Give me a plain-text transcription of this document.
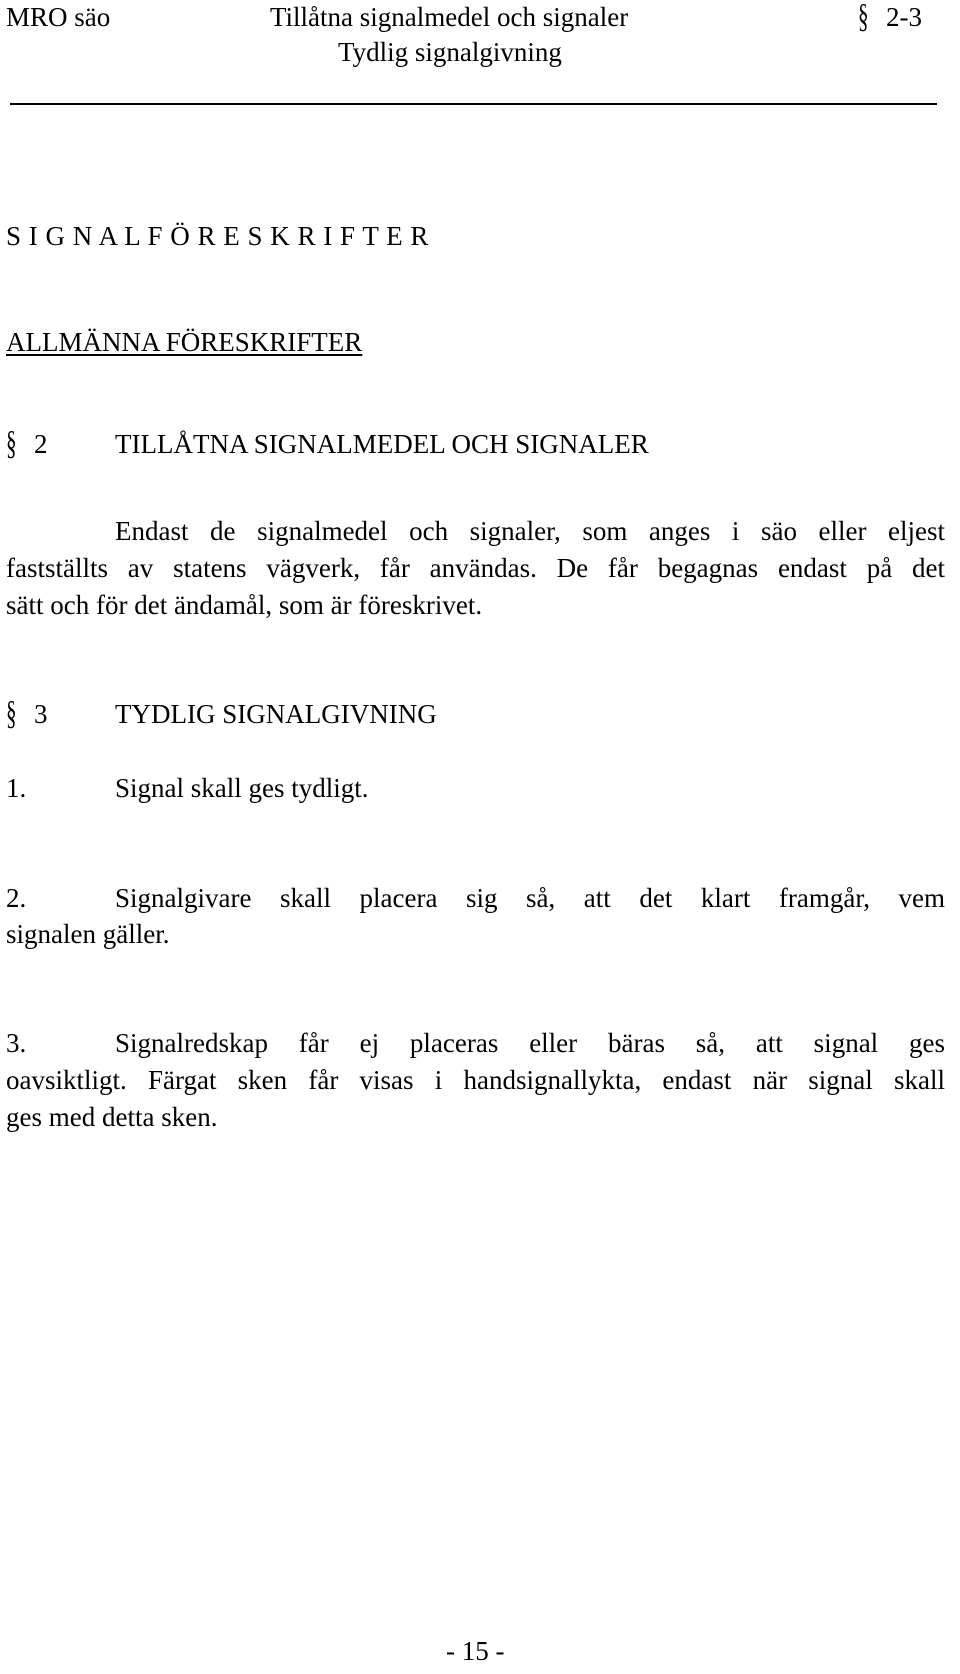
MRO säo	Tillåtna signalmedel och signaler
Tydlig signalgivning
§ 2-3
S I G N A L F Ö R E S K R I F T E R
ALLMÄNNA FÖRESKRIFTER
§ 2	TILLÅTNA SIGNALMEDEL OCH SIGNALER
Endast de signalmedel och signaler, som anges i säo eller eljest
fastställts av statens vägverk, får användas. De får begagnas endast på det
sätt och för det ändamål, som är föreskrivet.
§ 3	TYDLIG SIGNALGIVNING
1.	Signal skall ges tydligt.
2.	Signalgivare skall placera sig så, att det klart framgår, vem
signalen gäller.
3.	Signalredskap får ej placeras eller bäras så, att signal ges
oavsiktligt. Färgat sken får visas i handsignallykta, endast när signal skall
ges med detta sken.
- 15 -
